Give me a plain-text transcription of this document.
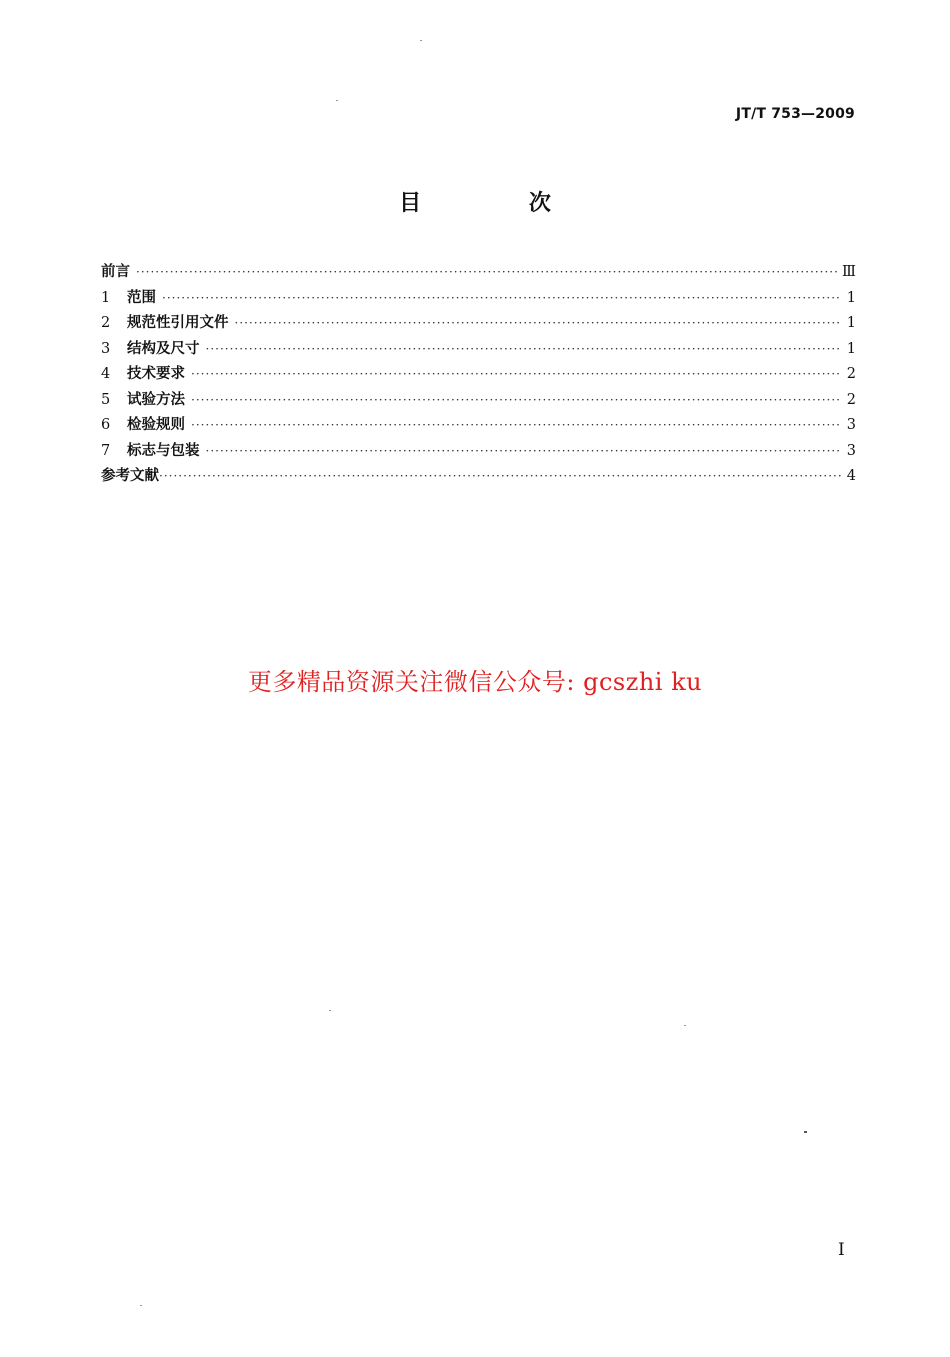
JT/T 753—2009
目 次
前言 ·····	Ⅲ
1	范围 ·····	1
2	规范性引用文件 ·····	1
3	结构及尺寸 ·····	1
4	技术要求 ·····	2
5	试验方法 ·····	2
6	检验规则 ·····	3
7	标志与包装 ·····	3
参考文献 ·····	4
更多精品资源关注微信公众号: gcszhi ku
I
